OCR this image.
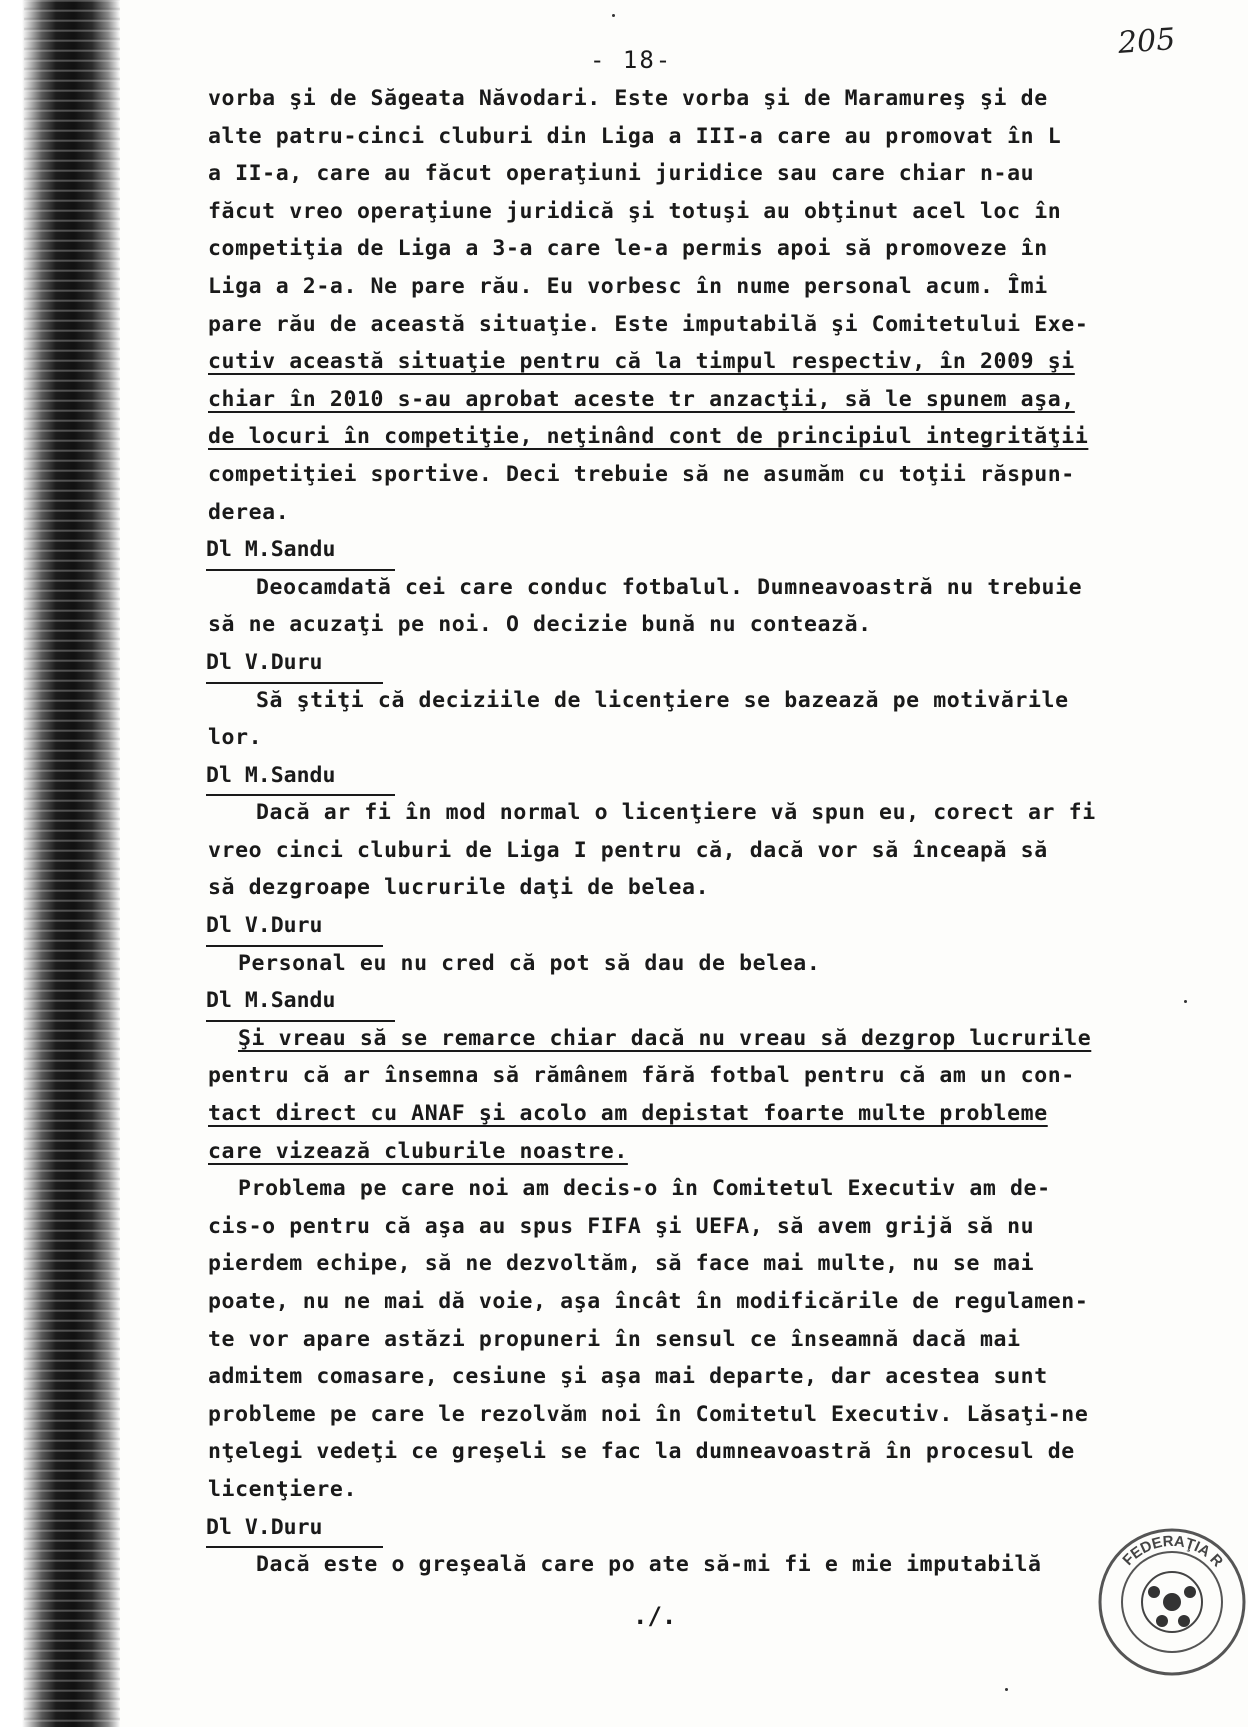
- 18-	205
vorba şi de Săgeata Năvodari. Este vorba şi de Maramureş şi de
alte patru-cinci cluburi din Liga a III-a care au promovat în L
a II-a, care au făcut operaţiuni juridice sau care chiar n-au
făcut vreo operaţiune juridică şi totuşi au obţinut acel loc în
competiţia de Liga a 3-a care le-a permis apoi să promoveze în
Liga a 2-a. Ne pare rău. Eu vorbesc în nume personal acum. Îmi
pare rău de această situaţie. Este imputabilă şi Comitetului Exe-
cutiv această situaţie pentru că la timpul respectiv, în 2009 şi
chiar în 2010 s-au aprobat aceste tr anzacţii, să le spunem aşa,
de locuri în competiţie, neţinând cont de principiul integrităţii
competiţiei sportive. Deci trebuie să ne asumăm cu toţii răspun-
derea.
Dl M.Sandu
Deocamdată cei care conduc fotbalul. Dumneavoastră nu trebuie
să ne acuzaţi pe noi. O decizie bună nu contează.
Dl V.Duru
Să ştiţi că deciziile de licenţiere se bazează pe motivările
lor.
Dl M.Sandu
Dacă ar fi în mod normal o licenţiere vă spun eu, corect ar fi
vreo cinci cluburi de Liga I pentru că, dacă vor să înceapă să
să dezgroape lucrurile daţi de belea.
Dl V.Duru
Personal eu nu cred că pot să dau de belea.
Dl M.Sandu
Şi vreau să se remarce chiar dacă nu vreau să dezgrop lucrurile
pentru că ar însemna să rămânem fără fotbal pentru că am un con-
tact direct cu ANAF şi acolo am depistat foarte multe probleme
care vizează cluburile noastre.
Problema pe care noi am decis-o în Comitetul Executiv am de-
cis-o pentru că aşa au spus FIFA şi UEFA, să avem grijă să nu
pierdem echipe, să ne dezvoltăm, să face mai multe, nu se mai
poate, nu ne mai dă voie, aşa încât în modificările de regulamen-
te vor apare astăzi propuneri în sensul ce înseamnă dacă mai
admitem comasare, cesiune şi aşa mai departe, dar acestea sunt
probleme pe care le rezolvăm noi în Comitetul Executiv. Lăsaţi-ne
nţelegi vedeţi ce greşeli se fac la dumneavoastră în procesul de
licenţiere.
Dl V.Duru
Dacă este o greşeală care po ate să-mi fi e mie imputabilă
./.
FEDERAŢIA R
